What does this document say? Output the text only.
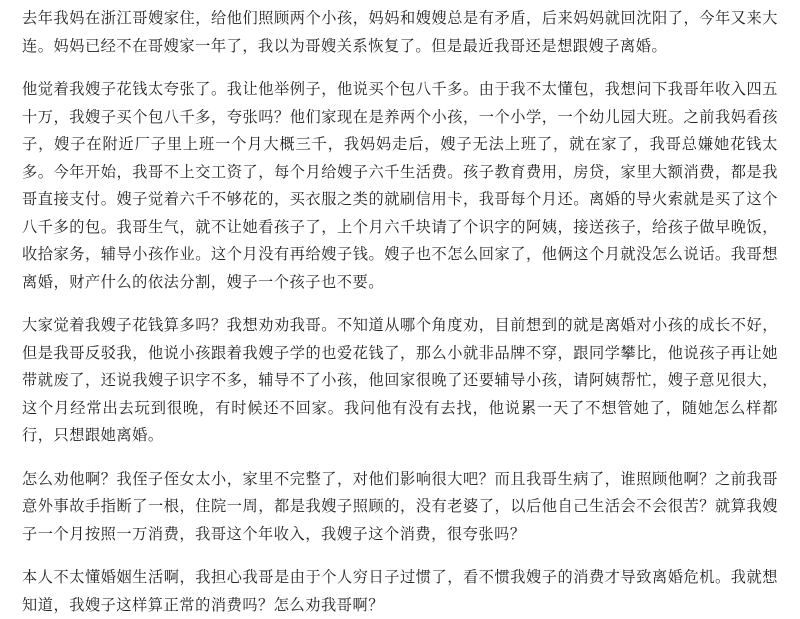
去年我妈在浙江哥嫂家住，给他们照顾两个小孩，妈妈和嫂嫂总是有矛盾，后来妈妈就回沈阳了，今年又来大连。妈妈已经不在哥嫂家一年了，我以为哥嫂关系恢复了。但是最近我哥还是想跟嫂子离婚。

他觉着我嫂子花钱太夸张了。我让他举例子，他说买个包八千多。由于我不太懂包，我想问下我哥年收入四五十万，我嫂子买个包八千多，夸张吗？他们家现在是养两个小孩，一个小学，一个幼儿园大班。之前我妈看孩子，嫂子在附近厂子里上班一个月大概三千，我妈妈走后，嫂子无法上班了，就在家了，我哥总嫌她花钱太多。今年开始，我哥不上交工资了，每个月给嫂子六千生活费。孩子教育费用，房贷，家里大额消费，都是我哥直接支付。嫂子觉着六千不够花的，买衣服之类的就刷信用卡，我哥每个月还。离婚的导火索就是买了这个八千多的包。我哥生气，就不让她看孩子了，上个月六千块请了个识字的阿姨，接送孩子，给孩子做早晚饭，收拾家务，辅导小孩作业。这个月没有再给嫂子钱。嫂子也不怎么回家了，他俩这个月就没怎么说话。我哥想离婚，财产什么的依法分割，嫂子一个孩子也不要。

大家觉着我嫂子花钱算多吗？我想劝劝我哥。不知道从哪个角度劝，目前想到的就是离婚对小孩的成长不好，但是我哥反驳我，他说小孩跟着我嫂子学的也爱花钱了，那么小就非品牌不穿，跟同学攀比，他说孩子再让她带就废了，还说我嫂子识字不多，辅导不了小孩，他回家很晚了还要辅导小孩，请阿姨帮忙，嫂子意见很大，这个月经常出去玩到很晚，有时候还不回家。我问他有没有去找，他说累一天了不想管她了，随她怎么样都行，只想跟她离婚。

怎么劝他啊？我侄子侄女太小，家里不完整了，对他们影响很大吧？而且我哥生病了，谁照顾他啊？之前我哥意外事故手指断了一根，住院一周，都是我嫂子照顾的，没有老婆了，以后他自己生活会不会很苦？就算我嫂子一个月按照一万消费，我哥这个年收入，我嫂子这个消费，很夸张吗？

本人不太懂婚姻生活啊，我担心我哥是由于个人穷日子过惯了，看不惯我嫂子的消费才导致离婚危机。我就想知道，我嫂子这样算正常的消费吗？怎么劝我哥啊？
